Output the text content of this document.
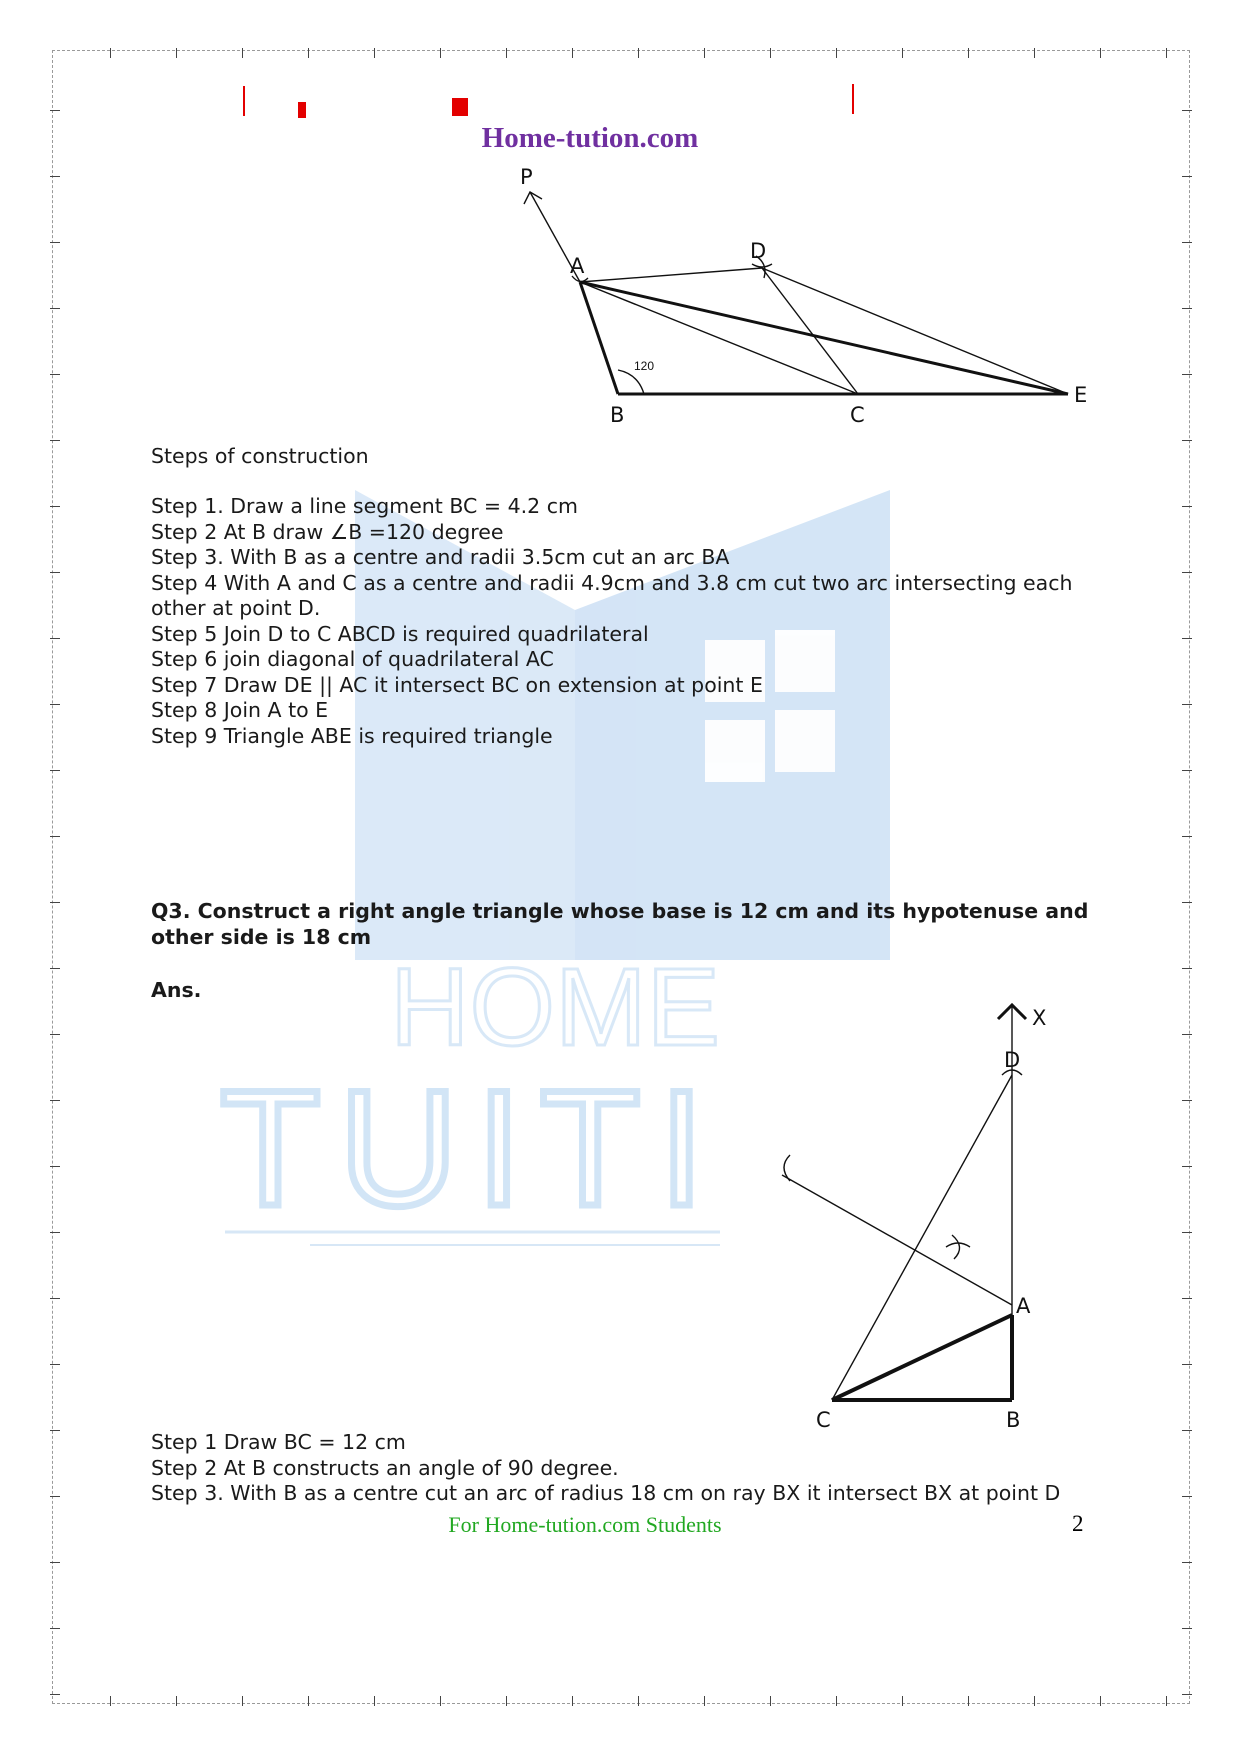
HOME
TUITI
Home-tution.com
P
A
D
B	C
E
120
Steps of construction

Step 1. Draw a line segment BC = 4.2 cm

Step 2 At B draw ∠B =120 degree

Step 3. With B as a centre and radii 3.5cm cut an arc BA

Step 4 With A and C as a centre and radii 4.9cm and 3.8 cm cut two arc intersecting each other at point D.

Step 5 Join D to C ABCD is required quadrilateral

Step 6 join diagonal of quadrilateral AC

Step 7 Draw DE || AC it intersect BC on extension at point E

Step 8 Join A to E

Step 9 Triangle ABE is required triangle

Q3. Construct a right angle triangle whose base is 12 cm and its hypotenuse and other side is 18 cm

Ans.

X
D
A
C	B

Step 1 Draw BC = 12 cm

Step 2 At B constructs an angle of 90 degree.

Step 3. With B as a centre cut an arc of radius 18 cm on ray BX it intersect BX at point D

For Home-tution.com Students	2
